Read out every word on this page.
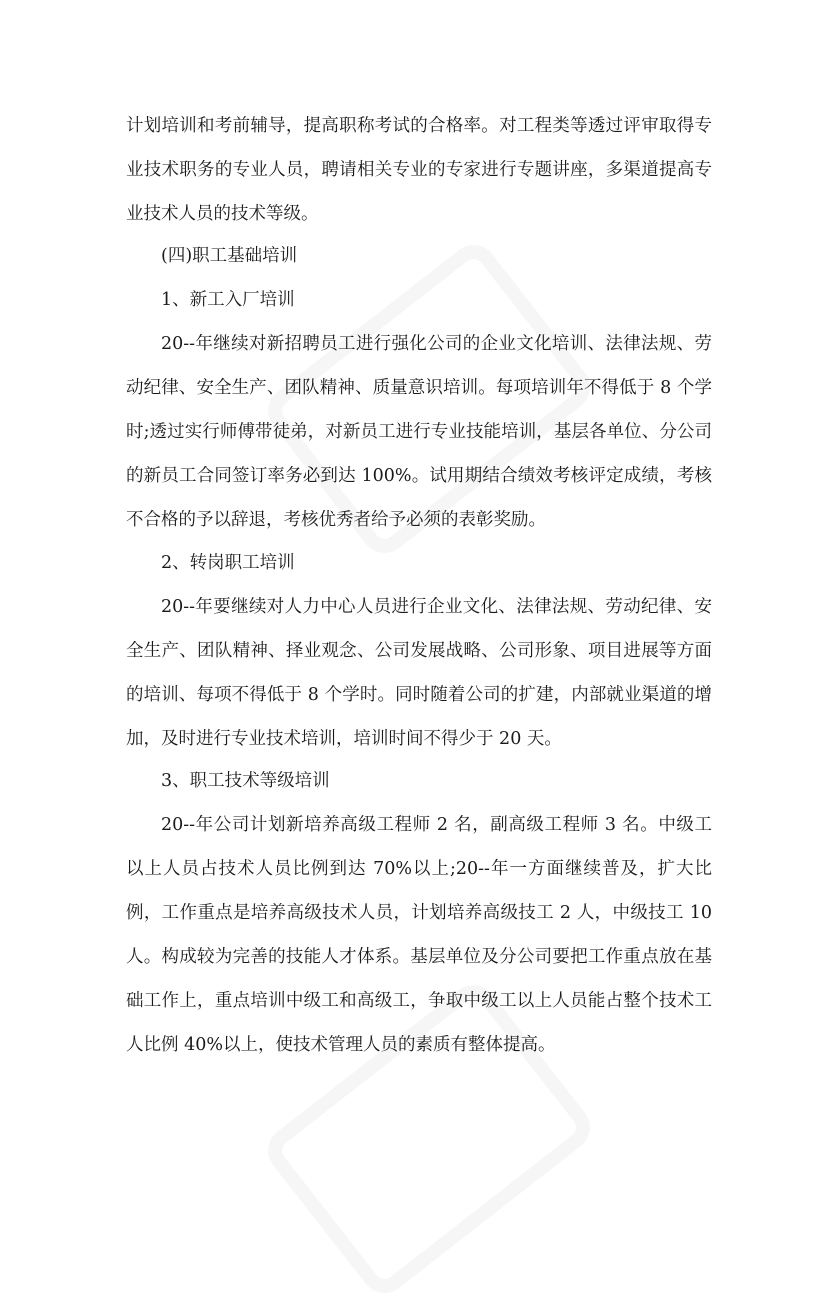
计划培训和考前辅导，提高职称考试的合格率。对工程类等透过评审取得专业技术职务的专业人员，聘请相关专业的专家进行专题讲座，多渠道提高专业技术人员的技术等级。

(四)职工基础培训

1、新工入厂培训

20--年继续对新招聘员工进行强化公司的企业文化培训、法律法规、劳动纪律、安全生产、团队精神、质量意识培训。每项培训年不得低于 8 个学时;透过实行师傅带徒弟，对新员工进行专业技能培训，基层各单位、分公司的新员工合同签订率务必到达 100%。试用期结合绩效考核评定成绩，考核不合格的予以辞退，考核优秀者给予必须的表彰奖励。

2、转岗职工培训

20--年要继续对人力中心人员进行企业文化、法律法规、劳动纪律、安全生产、团队精神、择业观念、公司发展战略、公司形象、项目进展等方面的培训、每项不得低于 8 个学时。同时随着公司的扩建，内部就业渠道的增加，及时进行专业技术培训，培训时间不得少于 20 天。

3、职工技术等级培训

20--年公司计划新培养高级工程师 2 名，副高级工程师 3 名。中级工以上人员占技术人员比例到达 70%以上;20--年一方面继续普及，扩大比例，工作重点是培养高级技术人员，计划培养高级技工 2 人，中级技工 10 人。构成较为完善的技能人才体系。基层单位及分公司要把工作重点放在基础工作上，重点培训中级工和高级工，争取中级工以上人员能占整个技术工人比例 40%以上，使技术管理人员的素质有整体提高。
